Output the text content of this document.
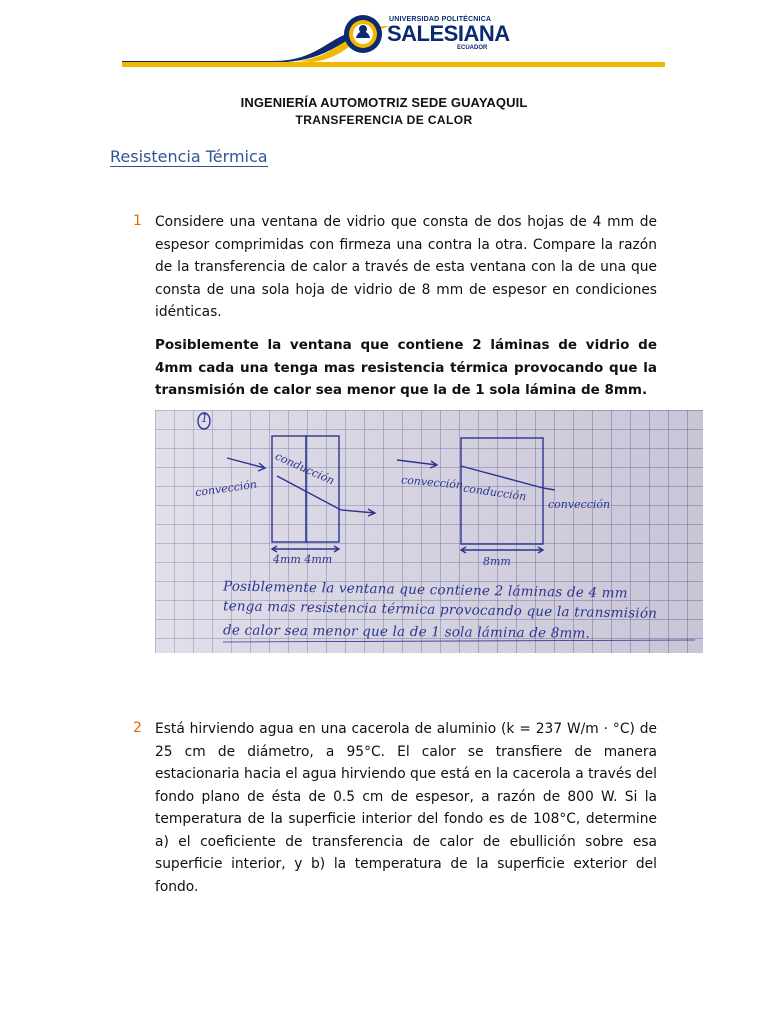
UNIVERSIDAD POLITÉCNICA
SALESIANA
ECUADOR
INGENIERÍA AUTOMOTRIZ SEDE GUAYAQUIL
TRANSFERENCIA DE CALOR
Resistencia Térmica
1 Considere una ventana de vidrio que consta de dos hojas de 4 mm de espesor comprimidas con firmeza una contra la otra. Compare la razón de la transferencia de calor a través de esta ventana con la de una que consta de una sola hoja de vidrio de 8 mm de espesor en condiciones idénticas.

Posiblemente la ventana que contiene 2 láminas de vidrio de 4mm cada una tenga mas resistencia térmica provocando que la transmisión de calor sea menor que la de 1 sola lámina de 8mm.

1
convección
conducción
4mm 4mm
convección
conducción
convección
8mm
Posiblemente la ventana que contiene 2 láminas de 4 mm
tenga mas resistencia térmica provocando que la transmisión
de calor sea menor que la de 1 sola lámina de 8mm.
2 Está hirviendo agua en una cacerola de aluminio (k = 237 W/m · °C) de 25 cm de diámetro, a 95°C. El calor se transfiere de manera estacionaria hacia el agua hirviendo que está en la cacerola a través del fondo plano de ésta de 0.5 cm de espesor, a razón de 800 W. Si la temperatura de la superficie interior del fondo es de 108°C, determine a) el coeficiente de transferencia de calor de ebullición sobre esa superficie interior, y b) la temperatura de la superficie exterior del fondo.
